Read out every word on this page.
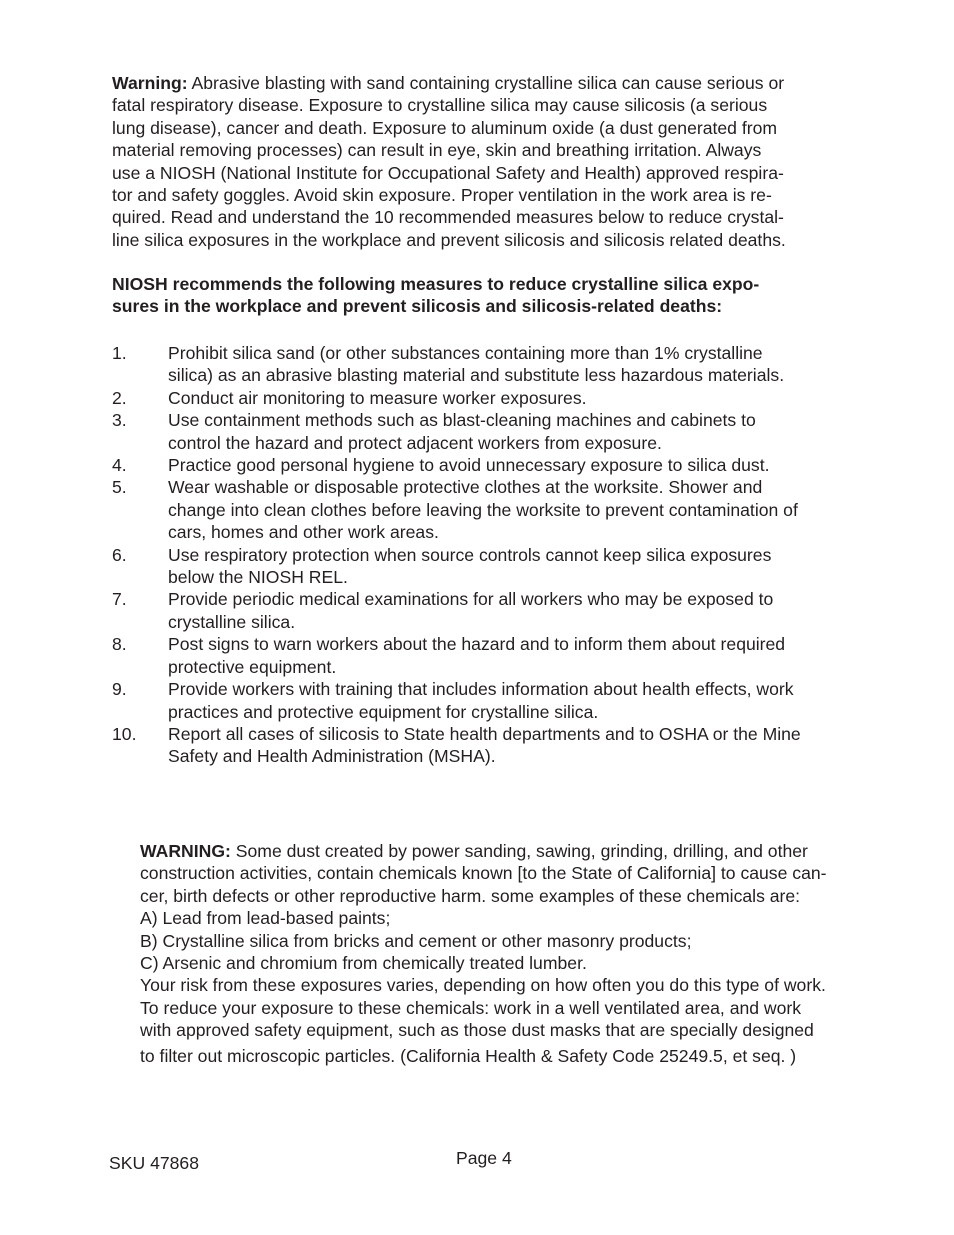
Warning: Abrasive blasting with sand containing crystalline silica can cause serious or
fatal respiratory disease. Exposure to crystalline silica may cause silicosis (a serious
lung disease), cancer and death. Exposure to aluminum oxide (a dust generated from
material removing processes) can result in eye, skin and breathing irritation. Always
use a NIOSH (National Institute for Occupational Safety and Health) approved respira-
tor and safety goggles. Avoid skin exposure. Proper ventilation in the work area is re-
quired. Read and understand the 10 recommended measures below to reduce crystal-
line silica exposures in the workplace and prevent silicosis and silicosis related deaths.
NIOSH recommends the following measures to reduce crystalline silica expo-
sures in the workplace and prevent silicosis and silicosis-related deaths:
1. Prohibit silica sand (or other substances containing more than 1% crystalline
silica) as an abrasive blasting material and substitute less hazardous materials.
2. Conduct air monitoring to measure worker exposures.
3. Use containment methods such as blast-cleaning machines and cabinets to
control the hazard and protect adjacent workers from exposure.
4. Practice good personal hygiene to avoid unnecessary exposure to silica dust.
5. Wear washable or disposable protective clothes at the worksite. Shower and
change into clean clothes before leaving the worksite to prevent contamination of
cars, homes and other work areas.
6. Use respiratory protection when source controls cannot keep silica exposures
below the NIOSH REL.
7. Provide periodic medical examinations for all workers who may be exposed to
crystalline silica.
8. Post signs to warn workers about the hazard and to inform them about required
protective equipment.
9. Provide workers with training that includes information about health effects, work
practices and protective equipment for crystalline silica.
10. Report all cases of silicosis to State health departments and to OSHA or the Mine
Safety and Health Administration (MSHA).
WARNING: Some dust created by power sanding, sawing, grinding, drilling, and other
construction activities, contain chemicals known [to the State of California] to cause can-
cer, birth defects or other reproductive harm. some examples of these chemicals are:
A) Lead from lead-based paints;
B) Crystalline silica from bricks and cement or other masonry products;
C) Arsenic and chromium from chemically treated lumber.
Your risk from these exposures varies, depending on how often you do this type of work.
To reduce your exposure to these chemicals: work in a well ventilated area, and work
with approved safety equipment, such as those dust masks that are specially designed
to filter out microscopic particles. (California Health & Safety Code 25249.5, et seq. )
SKU 47868	Page 4
